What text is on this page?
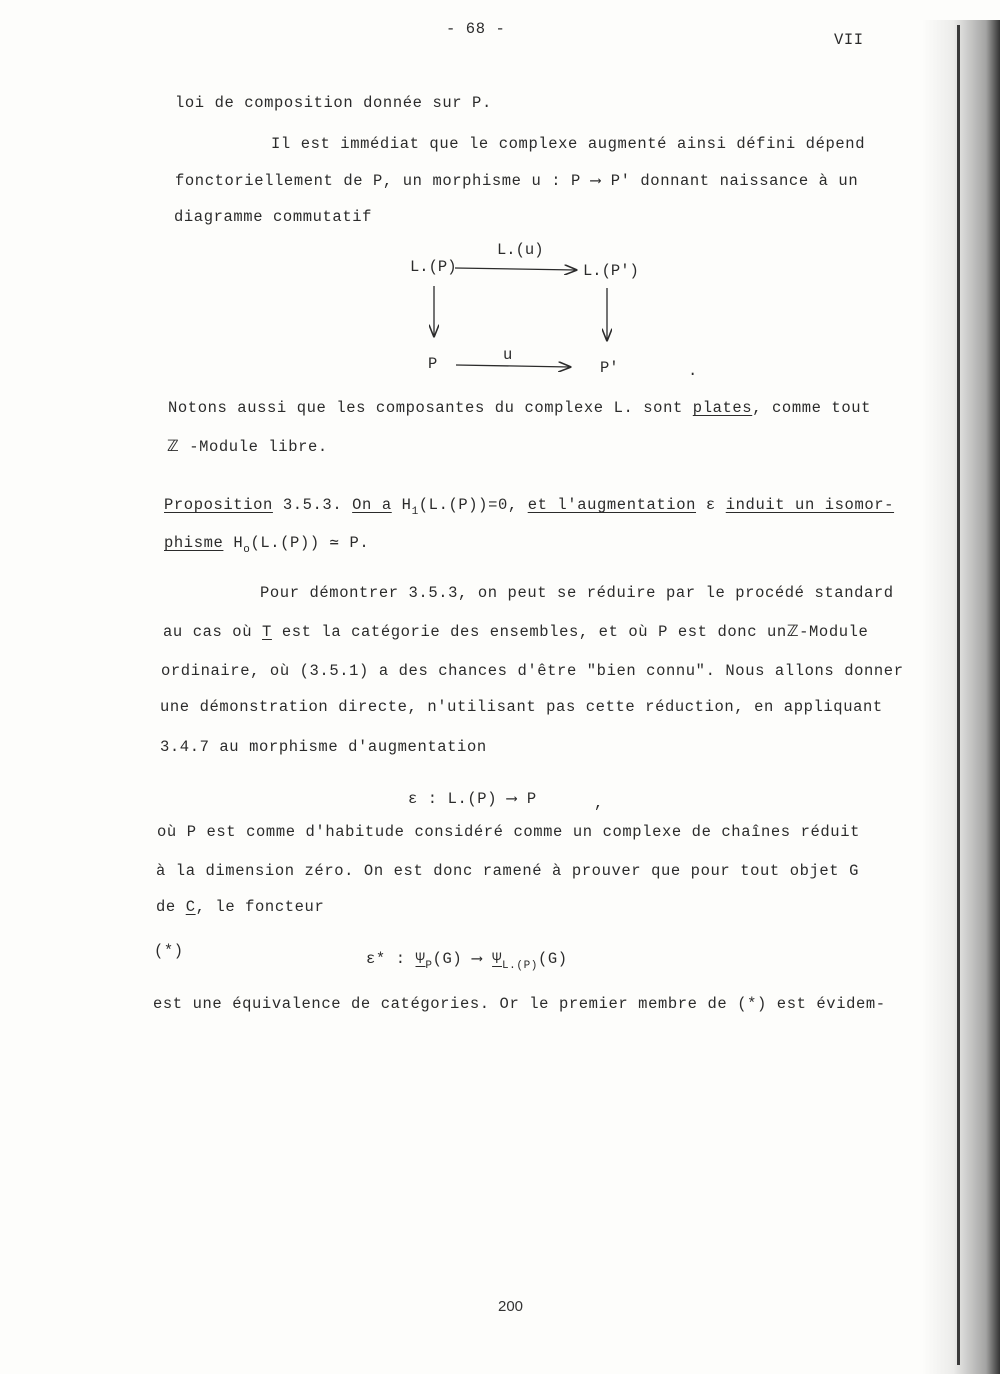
- 68 -
VII
loi de composition donnée sur P.
Il est immédiat que le complexe augmenté ainsi défini dépend
fonctoriellement de P, un morphisme u : P ⟶ P' donnant naissance à un
diagramme commutatif
L.(P)
L.(u)
L.(P')
P	u
P'	.
Notons aussi que les composantes du complexe L. sont plates, comme tout
ℤ -Module libre.
Proposition 3.5.3. On a $H_1(L.(P))=0$, et l'augmentation ε induit un isomor-
phisme $H_o(L.(P))$ ≃ P.
Pour démontrer 3.5.3, on peut se réduire par le procédé standard
au cas où T est la catégorie des ensembles, et où P est donc unℤ-Module
ordinaire, où (3.5.1) a des chances d'être "bien connu". Nous allons donner
une démonstration directe, n'utilisant pas cette réduction, en appliquant
3.4.7 au morphisme d'augmentation
ε : L.(P) ⟶ P	,
où P est comme d'habitude considéré comme un complexe de chaînes réduit
à la dimension zéro. On est donc ramené à prouver que pour tout objet G
de C, le foncteur
(*)	ε* : $\Psi_P(G)$ ⟶ $\Psi_{L.(P)}(G)$
est une équivalence de catégories. Or le premier membre de (*) est évidem-
200
